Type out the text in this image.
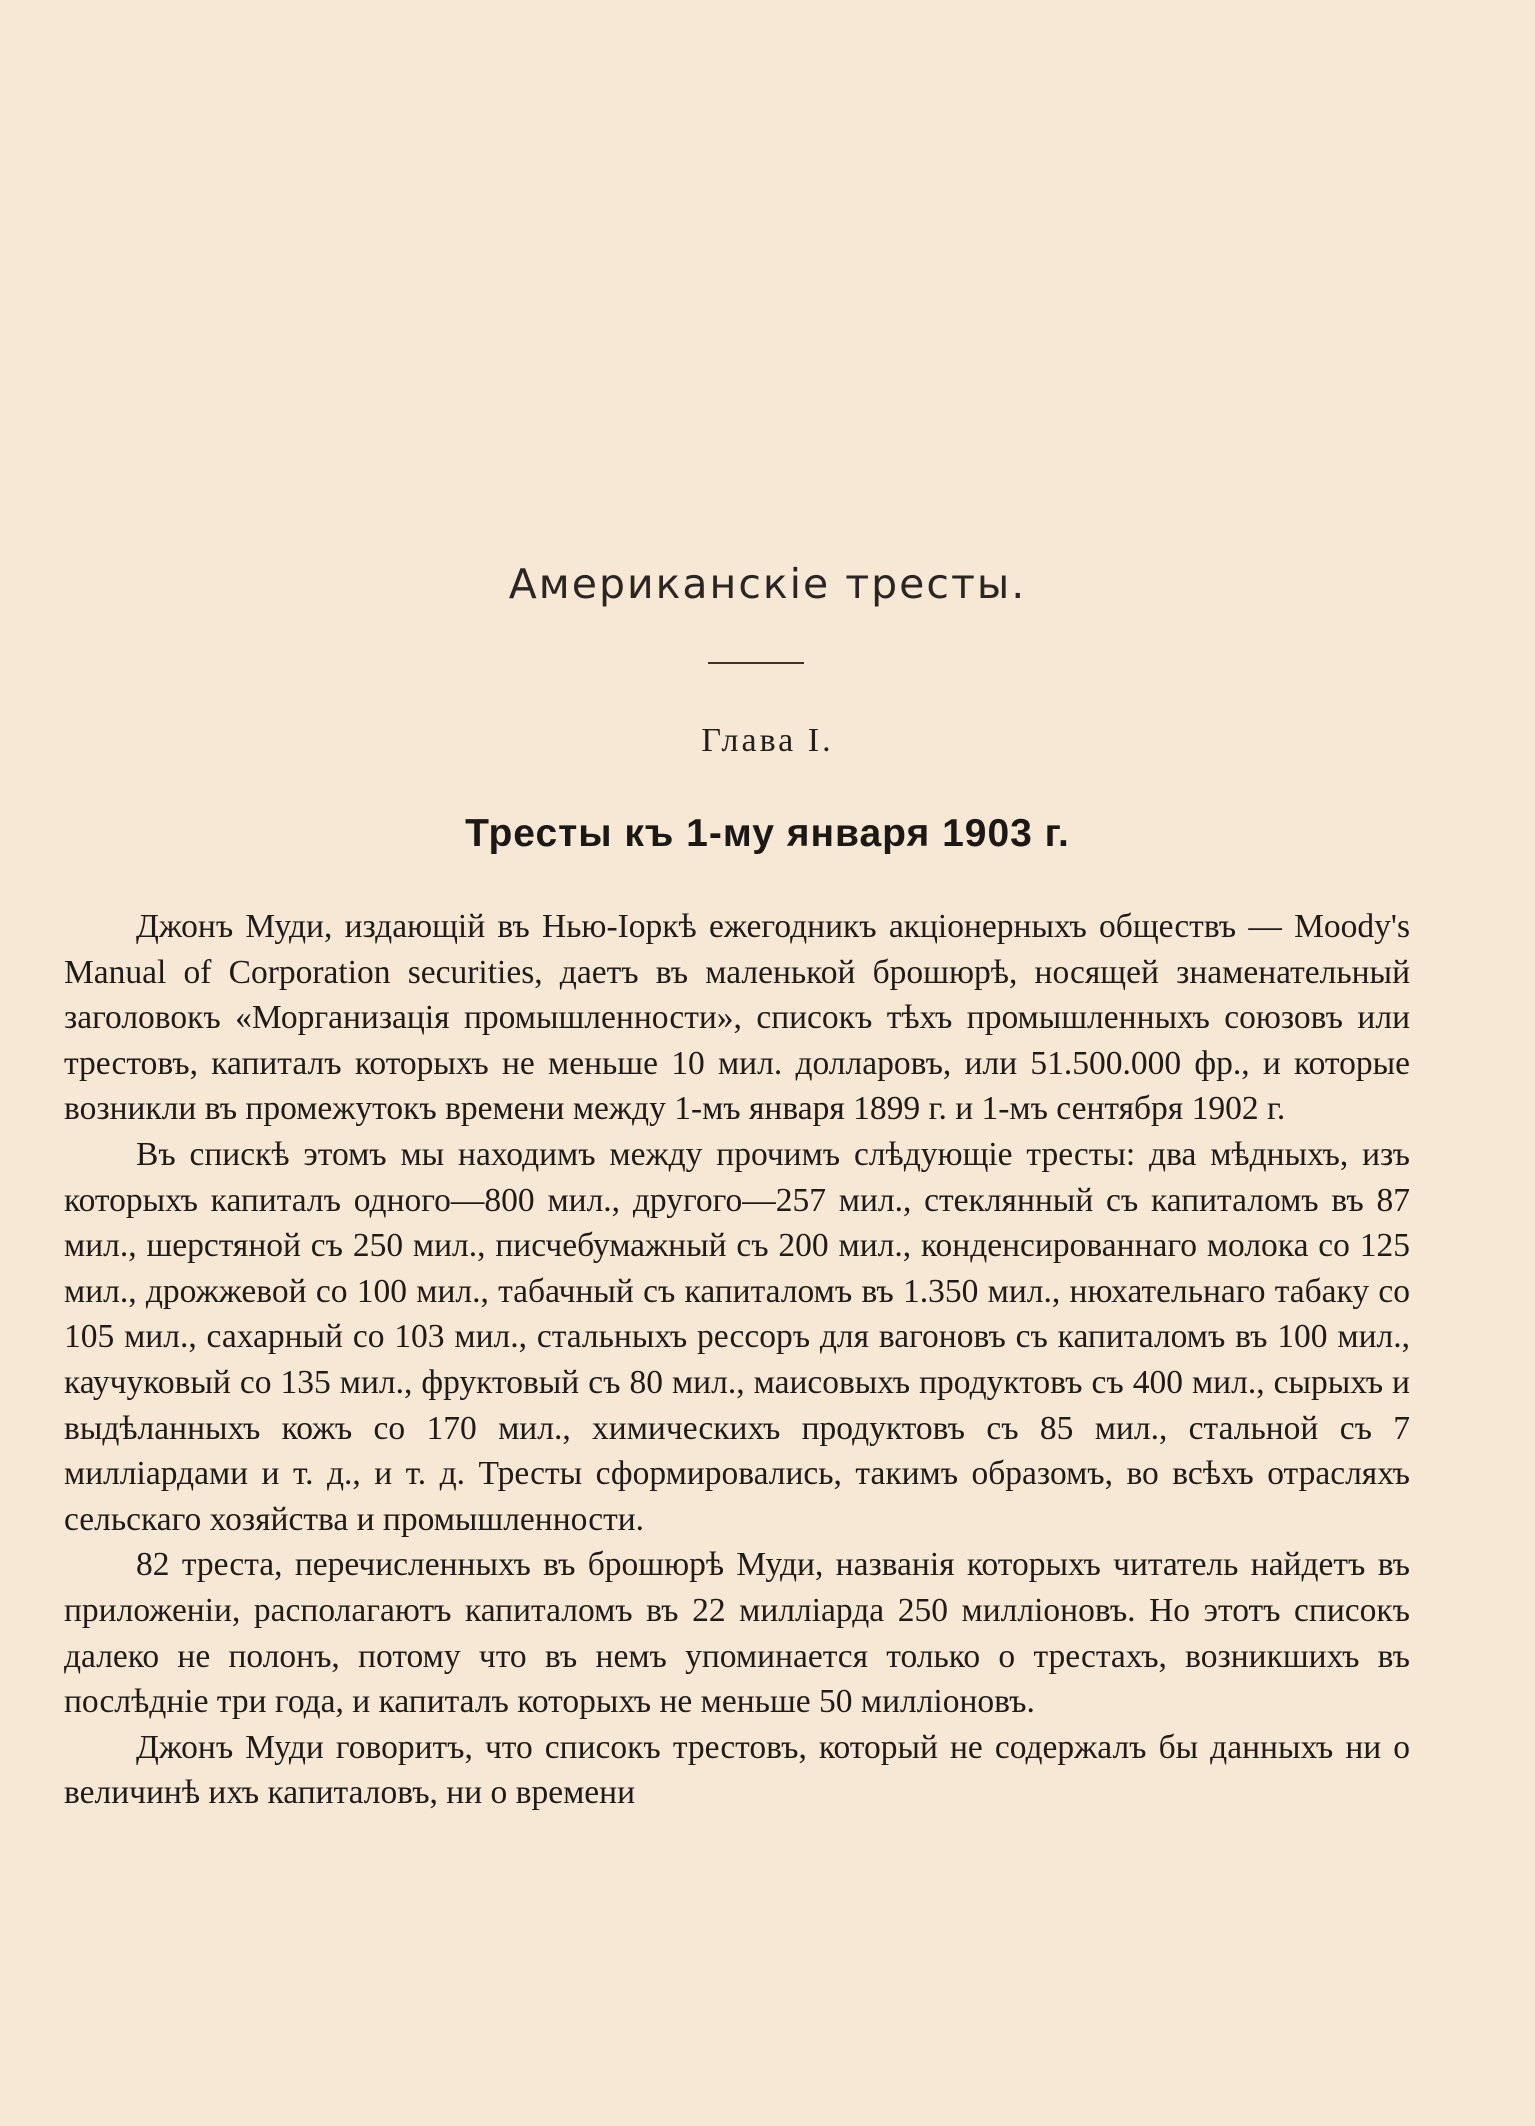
Американскіе тресты.
Глава I.
Тресты къ 1-му января 1903 г.

Джонъ Муди, издающій въ Нью-Іоркѣ ежегодникъ акціонерныхъ обществъ — Moody's Manual of Corporation securities, даетъ въ маленькой брошюрѣ, носящей знаменательный заголовокъ «Морганизація промышленности», списокъ тѣхъ промышленныхъ союзовъ или трестовъ, капиталъ которыхъ не меньше 10 мил. долларовъ, или 51.500.000 фр., и которые возникли въ промежутокъ времени между 1-мъ января 1899 г. и 1-мъ сентября 1902 г.

Въ спискѣ этомъ мы находимъ между прочимъ слѣдующіе тресты: два мѣдныхъ, изъ которыхъ капиталъ одного—800 мил., другого—257 мил., стеклянный съ капиталомъ въ 87 мил., шерстяной съ 250 мил., писчебумажный съ 200 мил., конденсированнаго молока со 125 мил., дрожжевой со 100 мил., табачный съ капиталомъ въ 1.350 мил., нюхательнаго табаку со 105 мил., сахарный со 103 мил., стальныхъ рессоръ для вагоновъ съ капиталомъ въ 100 мил., каучуковый со 135 мил., фруктовый съ 80 мил., маисовыхъ продуктовъ съ 400 мил., сырыхъ и выдѣланныхъ кожъ со 170 мил., химическихъ продуктовъ съ 85 мил., стальной съ 7 милліардами и т. д., и т. д. Тресты сформировались, такимъ образомъ, во всѣхъ отрасляхъ сельскаго хозяйства и промышленности.

82 треста, перечисленныхъ въ брошюрѣ Муди, названія которыхъ читатель найдетъ въ приложеніи, располагаютъ капиталомъ въ 22 милліарда 250 милліоновъ. Но этотъ списокъ далеко не полонъ, потому что въ немъ упоминается только о трестахъ, возникшихъ въ послѣдніе три года, и капиталъ которыхъ не меньше 50 милліоновъ.

Джонъ Муди говоритъ, что списокъ трестовъ, который не содержалъ бы данныхъ ни о величинѣ ихъ капиталовъ, ни о времени
